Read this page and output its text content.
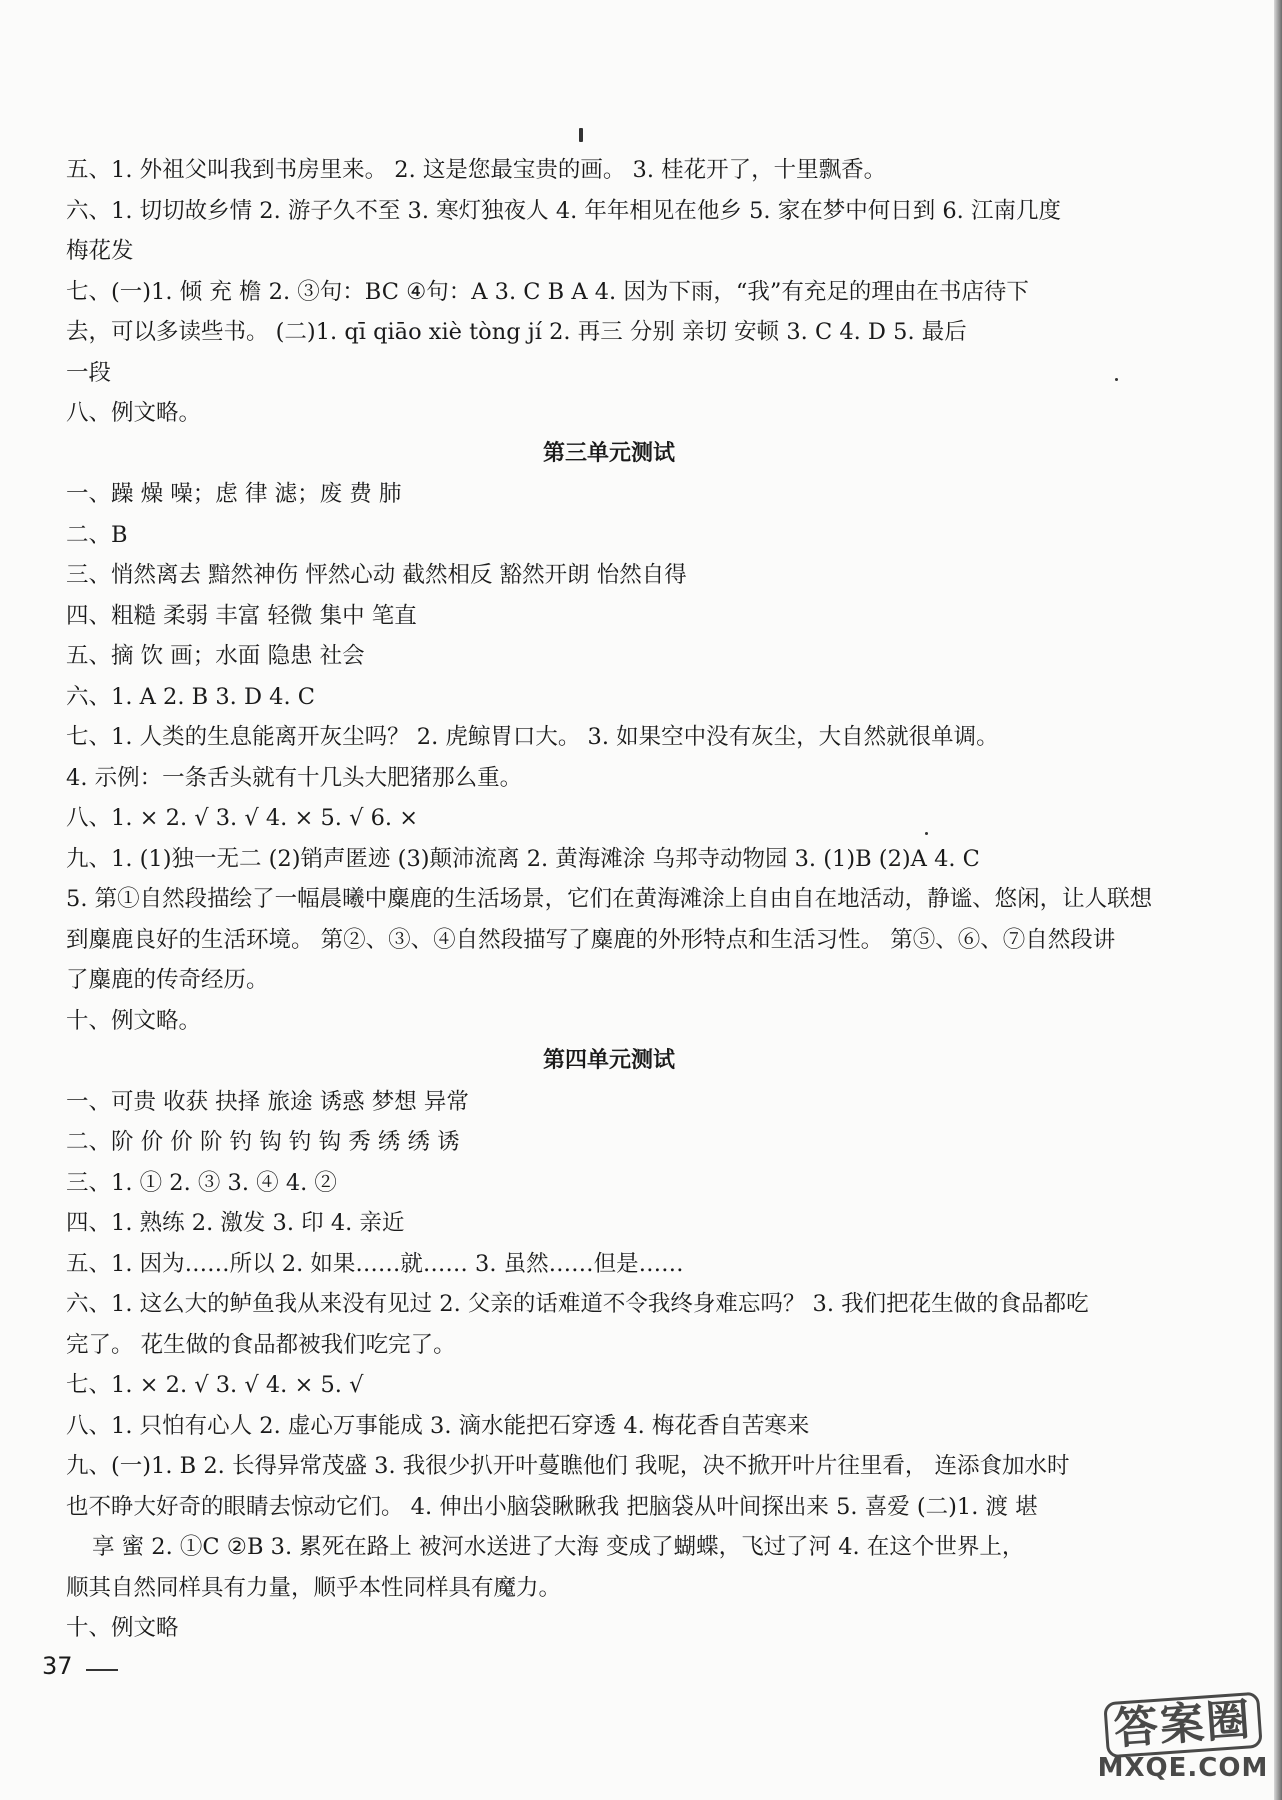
五、1. 外祖父叫我到书房里来。 2. 这是您最宝贵的画。 3. 桂花开了，十里飘香。
六、1. 切切故乡情 2. 游子久不至 3. 寒灯独夜人 4. 年年相见在他乡 5. 家在梦中何日到 6. 江南几度
梅花发
七、(一)1. 倾 充 檐 2. ③句：BC ④句：A 3. C B A 4. 因为下雨，“我”有充足的理由在书店待下
去，可以多读些书。 (二)1. qī qiāo xiè tòng jí 2. 再三 分别 亲切 安顿 3. C 4. D 5. 最后
一段
八、例文略。
第三单元测试
一、躁 燥 噪；虑 律 滤；废 费 肺
二、B
三、悄然离去 黯然神伤 怦然心动 截然相反 豁然开朗 怡然自得
四、粗糙 柔弱 丰富 轻微 集中 笔直
五、摘 饮 画；水面 隐患 社会
六、1. A 2. B 3. D 4. C
七、1. 人类的生息能离开灰尘吗？ 2. 虎鲸胃口大。 3. 如果空中没有灰尘，大自然就很单调。
4. 示例：一条舌头就有十几头大肥猪那么重。
八、1. × 2. √ 3. √ 4. × 5. √ 6. ×
九、1. (1)独一无二 (2)销声匿迹 (3)颠沛流离 2. 黄海滩涂 乌邦寺动物园 3. (1)B (2)A 4. C
5. 第①自然段描绘了一幅晨曦中麋鹿的生活场景，它们在黄海滩涂上自由自在地活动，静谧、悠闲，让人联想
到麋鹿良好的生活环境。 第②、③、④自然段描写了麋鹿的外形特点和生活习性。 第⑤、⑥、⑦自然段讲
了麋鹿的传奇经历。
十、例文略。
第四单元测试
一、可贵 收获 抉择 旅途 诱惑 梦想 异常
二、阶 价 价 阶 钓 钩 钓 钩 秀 绣 绣 诱
三、1. ① 2. ③ 3. ④ 4. ②
四、1. 熟练 2. 激发 3. 印 4. 亲近
五、1. 因为……所以 2. 如果……就…… 3. 虽然……但是……
六、1. 这么大的鲈鱼我从来没有见过 2. 父亲的话难道不令我终身难忘吗？ 3. 我们把花生做的食品都吃
完了。 花生做的食品都被我们吃完了。
七、1. × 2. √ 3. √ 4. × 5. √
八、1. 只怕有心人 2. 虚心万事能成 3. 滴水能把石穿透 4. 梅花香自苦寒来
九、(一)1. B 2. 长得异常茂盛 3. 我很少扒开叶蔓瞧他们 我呢，决不掀开叶片往里看， 连添食加水时
也不睁大好奇的眼睛去惊动它们。 4. 伸出小脑袋瞅瞅我 把脑袋从叶间探出来 5. 喜爱 (二)1. 渡 堪
享 蜜 2. ①C ②B 3. 累死在路上 被河水送进了大海 变成了蝴蝶，飞过了河 4. 在这个世界上，
顺其自然同样具有力量，顺乎本性同样具有魔力。
十、例文略
37
答案圈
MXQE.COM
